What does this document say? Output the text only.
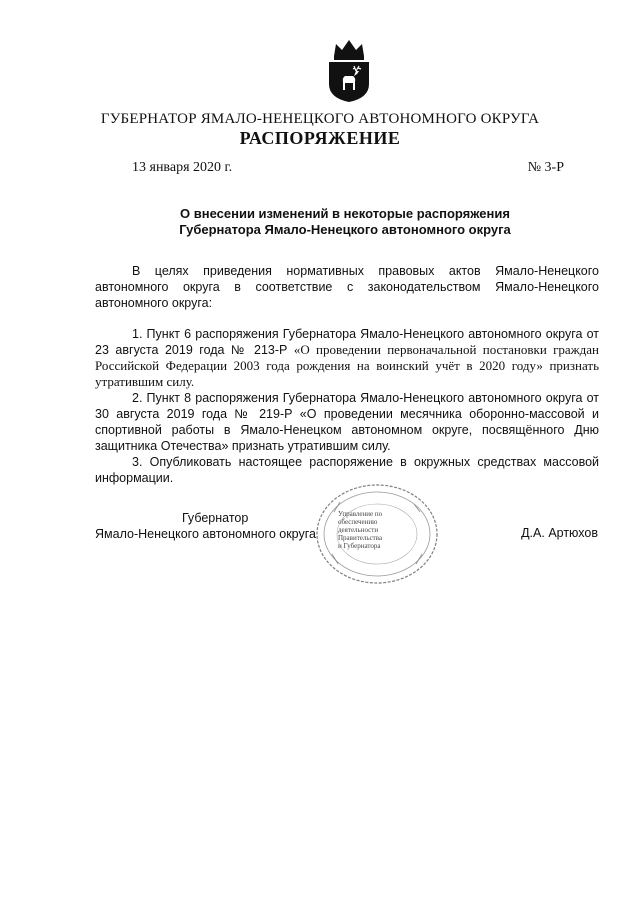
ГУБЕРНАТОР ЯМАЛО-НЕНЕЦКОГО АВТОНОМНОГО ОКРУГА
РАСПОРЯЖЕНИЕ
13 января 2020 г.	№ 3-Р
О внесении изменений в некоторые распоряжения
Губернатора Ямало-Ненецкого автономного округа

В целях приведения нормативных правовых актов Ямало-Ненецкого автономного округа в соответствие с законодательством Ямало-Ненецкого автономного округа:

1. Пункт 6 распоряжения Губернатора Ямало-Ненецкого автономного округа от 23 августа 2019 года № 213-Р «О проведении первоначальной постановки граждан Российской Федерации 2003 года рождения на воинский учёт в 2020 году» признать утратившим силу.

2. Пункт 8 распоряжения Губернатора Ямало-Ненецкого автономного округа от 30 августа 2019 года № 219-Р «О проведении месячника оборонно-массовой и спортивной работы в Ямало-Ненецком автономном округе, посвящённого Дню защитника Отечества» признать утратившим силу.

3. Опубликовать настоящее распоряжение в окружных средствах массовой информации.

Губернатор
Ямало-Ненецкого автономного округа
Управление по
обеспечению
деятельности
Правительства
и Губернатора
Д.А. Артюхов
